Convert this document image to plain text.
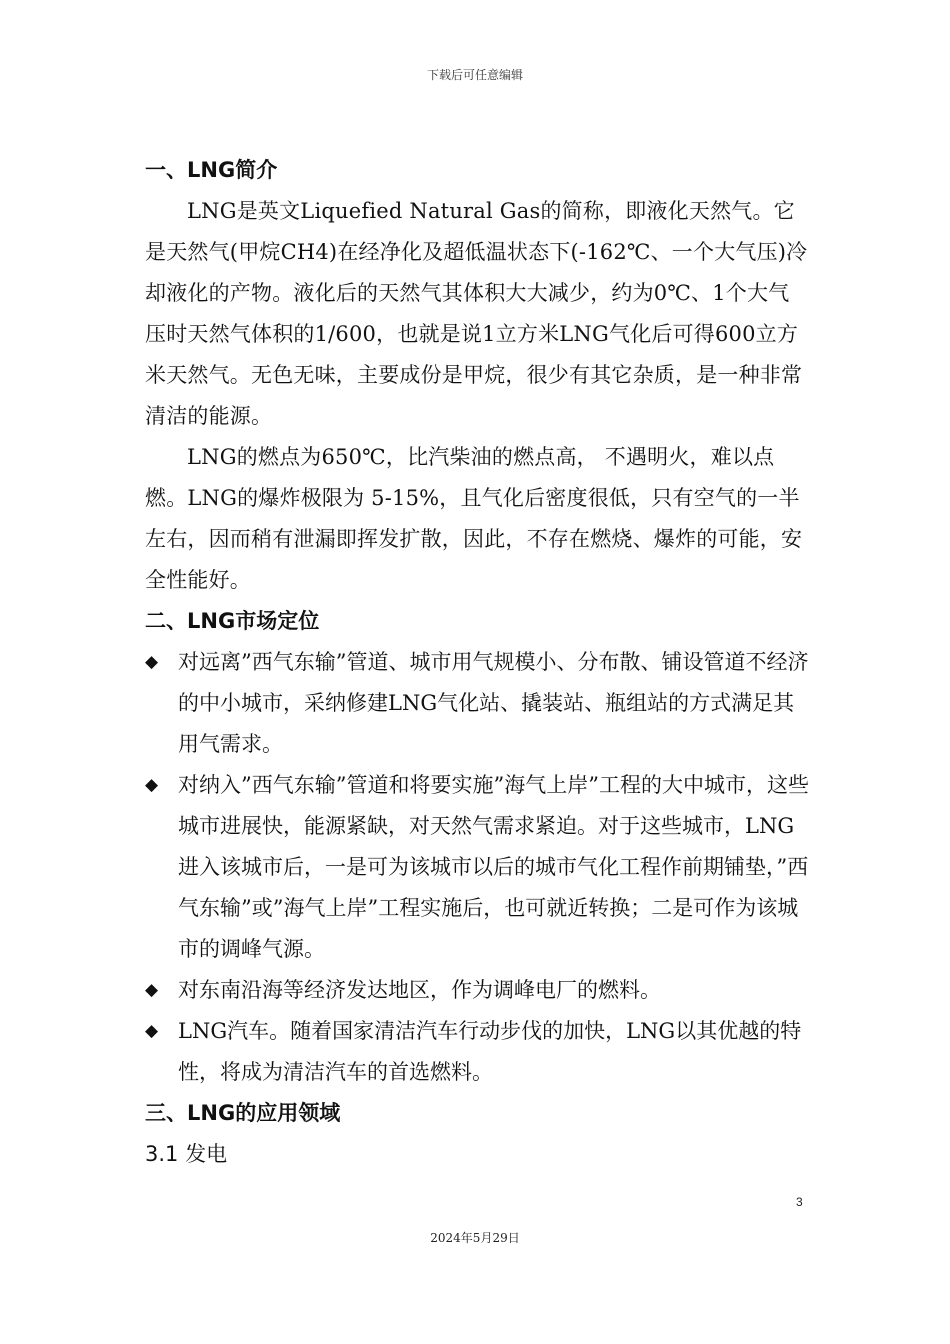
下载后可任意编辑
一、LNG简介

LNG是英文Liquefied Natural Gas的简称，即液化天然气。它是天然气(甲烷CH4)在经净化及超低温状态下(-162℃、一个大气压)冷却液化的产物。液化后的天然气其体积大大减少，约为0℃、1个大气压时天然气体积的1/600，也就是说1立方米LNG气化后可得600立方米天然气。无色无味，主要成份是甲烷，很少有其它杂质，是一种非常清洁的能源。

LNG的燃点为650℃，比汽柴油的燃点高， 不遇明火，难以点燃。LNG的爆炸极限为 5-15%，且气化后密度很低，只有空气的一半左右，因而稍有泄漏即挥发扩散，因此，不存在燃烧、爆炸的可能，安全性能好。

二、LNG市场定位
◆ 对远离”西气东输”管道、城市用气规模小、分布散、铺设管道不经济的中小城市，采纳修建LNG气化站、撬装站、瓶组站的方式满足其用气需求。
◆ 对纳入”西气东输”管道和将要实施”海气上岸”工程的大中城市，这些城市进展快，能源紧缺，对天然气需求紧迫。对于这些城市，LNG进入该城市后，一是可为该城市以后的城市气化工程作前期铺垫，”西气东输”或”海气上岸”工程实施后，也可就近转换；二是可作为该城市的调峰气源。
◆ 对东南沿海等经济发达地区，作为调峰电厂的燃料。
◆ LNG汽车。随着国家清洁汽车行动步伐的加快，LNG以其优越的特性，将成为清洁汽车的首选燃料。
三、LNG的应用领域
3.1 发电
3
2024年5月29日
